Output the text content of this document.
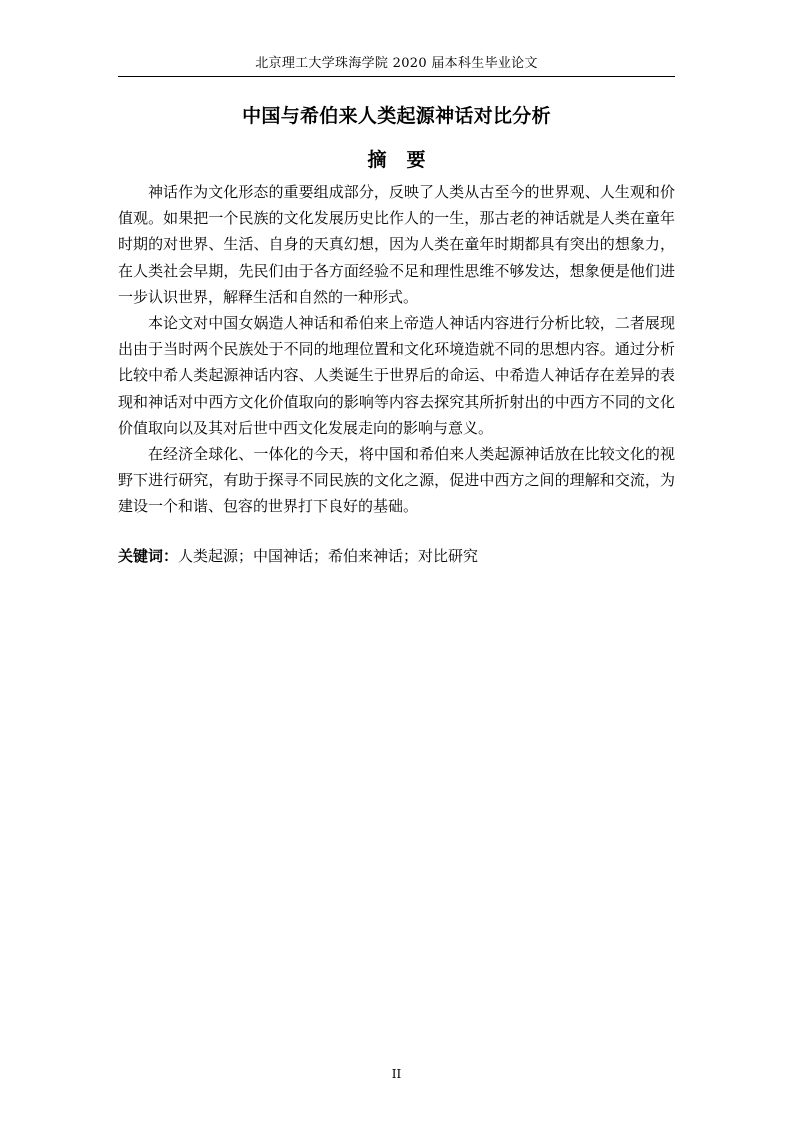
北京理工大学珠海学院 2020 届本科生毕业论文
中国与希伯来人类起源神话对比分析
摘要

神话作为文化形态的重要组成部分，反映了人类从古至今的世界观、人生观和价值观。如果把一个民族的文化发展历史比作人的一生，那古老的神话就是人类在童年时期的对世界、生活、自身的天真幻想，因为人类在童年时期都具有突出的想象力，在人类社会早期，先民们由于各方面经验不足和理性思维不够发达，想象便是他们进一步认识世界，解释生活和自然的一种形式。

本论文对中国女娲造人神话和希伯来上帝造人神话内容进行分析比较，二者展现出由于当时两个民族处于不同的地理位置和文化环境造就不同的思想内容。通过分析比较中希人类起源神话内容、人类诞生于世界后的命运、中希造人神话存在差异的表现和神话对中西方文化价值取向的影响等内容去探究其所折射出的中西方不同的文化价值取向以及其对后世中西文化发展走向的影响与意义。

在经济全球化、一体化的今天，将中国和希伯来人类起源神话放在比较文化的视野下进行研究，有助于探寻不同民族的文化之源，促进中西方之间的理解和交流，为建设一个和谐、包容的世界打下良好的基础。

关键词：人类起源；中国神话；希伯来神话；对比研究
II
